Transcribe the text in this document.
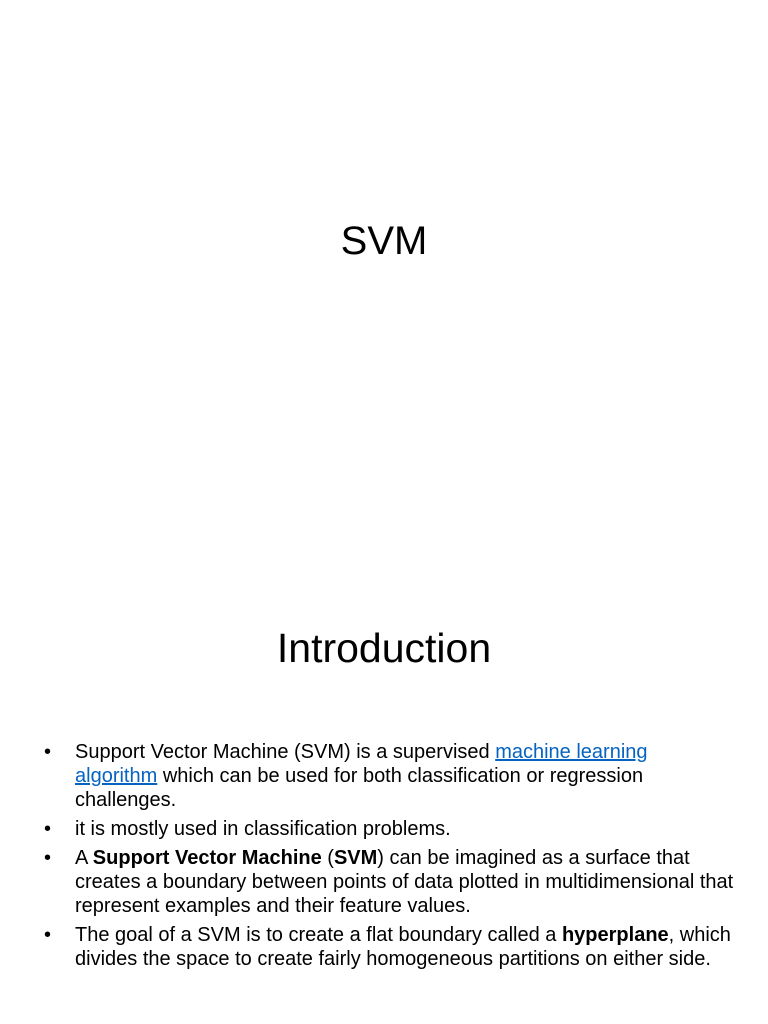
SVM
Introduction
• Support Vector Machine (SVM) is a supervised machine learning algorithm which can be used for both classification or regression challenges.
• it is mostly used in classification problems.
• A Support Vector Machine (SVM) can be imagined as a surface that creates a boundary between points of data plotted in multidimensional that represent examples and their feature values.
• The goal of a SVM is to create a flat boundary called a hyperplane, which divides the space to create fairly homogeneous partitions on either side.
